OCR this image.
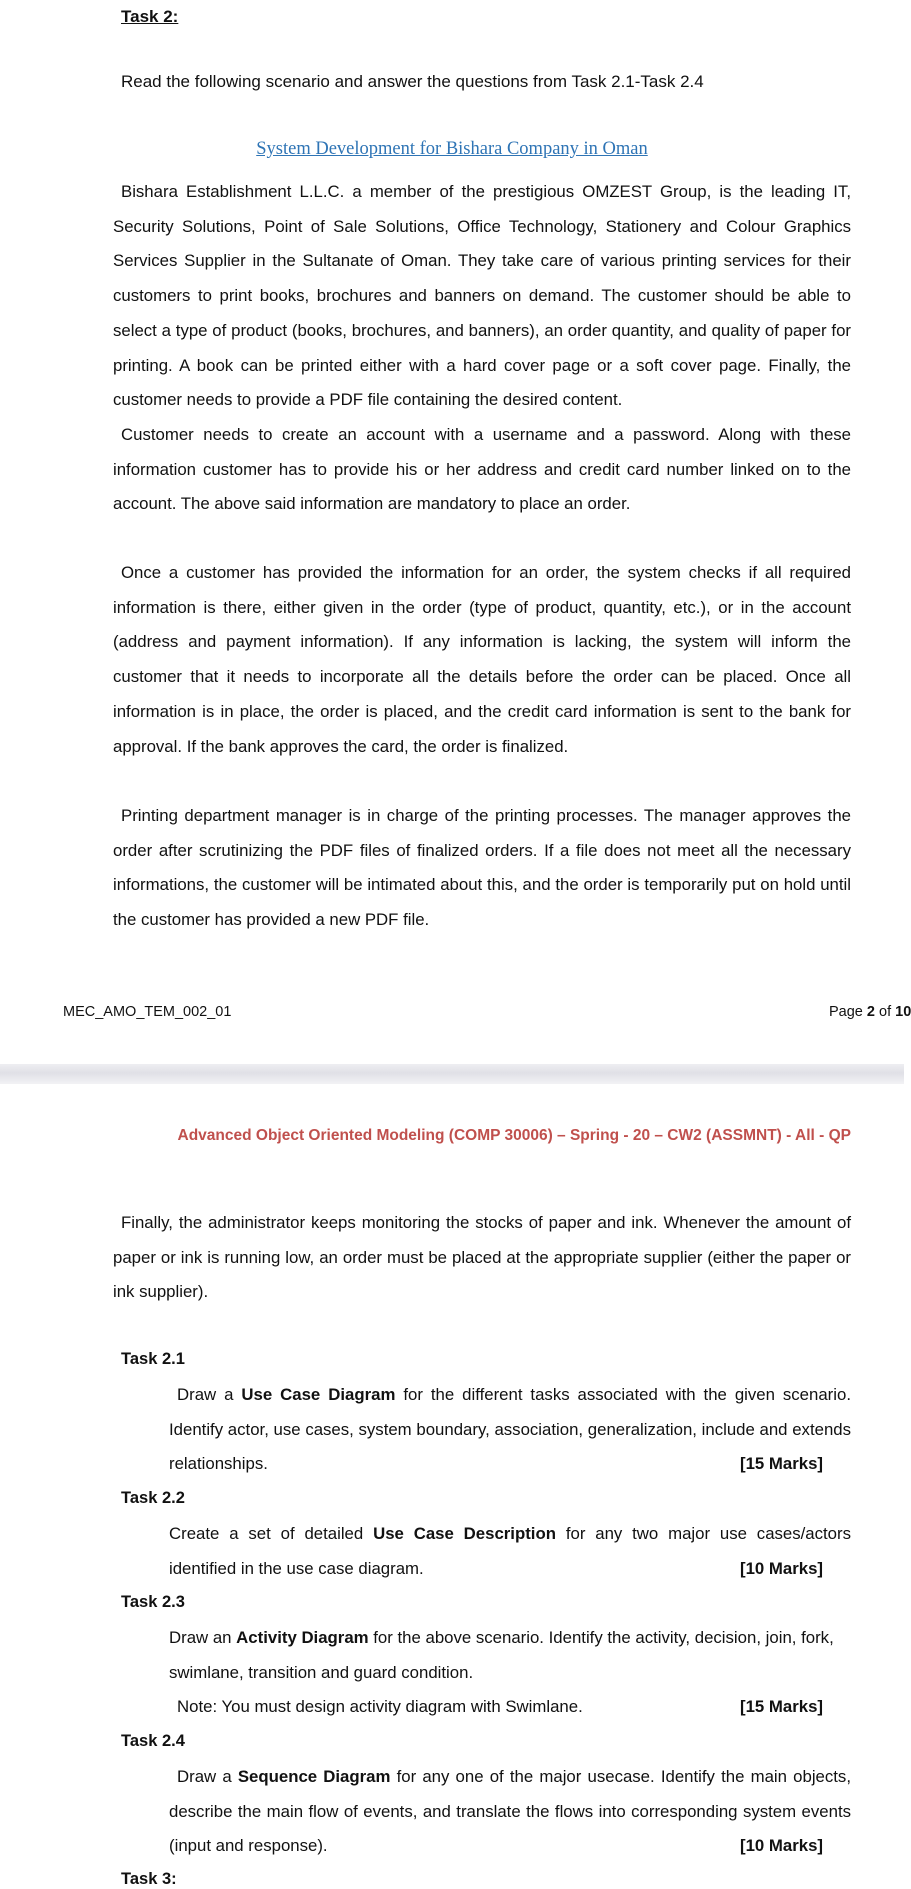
Task 2:
Read the following scenario and answer the questions from Task 2.1-Task 2.4
System Development for Bishara Company in Oman

Bishara Establishment L.L.C. a member of the prestigious OMZEST Group, is the leading IT, Security Solutions, Point of Sale Solutions, Office Technology, Stationery and Colour Graphics Services Supplier in the Sultanate of Oman. They take care of various printing services for their customers to print books, brochures and banners on demand. The customer should be able to select a type of product (books, brochures, and banners), an order quantity, and quality of paper for printing. A book can be printed either with a hard cover page or a soft cover page. Finally, the customer needs to provide a PDF file containing the desired content.

Customer needs to create an account with a username and a password. Along with these information customer has to provide his or her address and credit card number linked on to the account. The above said information are mandatory to place an order.

Once a customer has provided the information for an order, the system checks if all required information is there, either given in the order (type of product, quantity, etc.), or in the account (address and payment information). If any information is lacking, the system will inform the customer that it needs to incorporate all the details before the order can be placed. Once all information is in place, the order is placed, and the credit card information is sent to the bank for approval. If the bank approves the card, the order is finalized.

Printing department manager is in charge of the printing processes. The manager approves the order after scrutinizing the PDF files of finalized orders. If a file does not meet all the necessary informations, the customer will be intimated about this, and the order is temporarily put on hold until the customer has provided a new PDF file.

MEC_AMO_TEM_002_01	Page 2 of 10
Advanced Object Oriented Modeling (COMP 30006) – Spring - 20 – CW2 (ASSMNT) - All - QP

Finally, the administrator keeps monitoring the stocks of paper and ink. Whenever the amount of paper or ink is running low, an order must be placed at the appropriate supplier (either the paper or ink supplier).

Task 2.1

Draw a Use Case Diagram for the different tasks associated with the given scenario. Identify actor, use cases, system boundary, association, generalization, include and extends relationships.	[15 Marks]

Task 2.2

Create a set of detailed Use Case Description for any two major use cases/actors identified in the use case diagram.	[10 Marks]

Task 2.3

Draw an Activity Diagram for the above scenario. Identify the activity, decision, join, fork, swimlane, transition and guard condition.

Note: You must design activity diagram with Swimlane.	[15 Marks]

Task 2.4

Draw a Sequence Diagram for any one of the major usecase. Identify the main objects, describe the main flow of events, and translate the flows into corresponding system events (input and response).	[10 Marks]

Task 3:
